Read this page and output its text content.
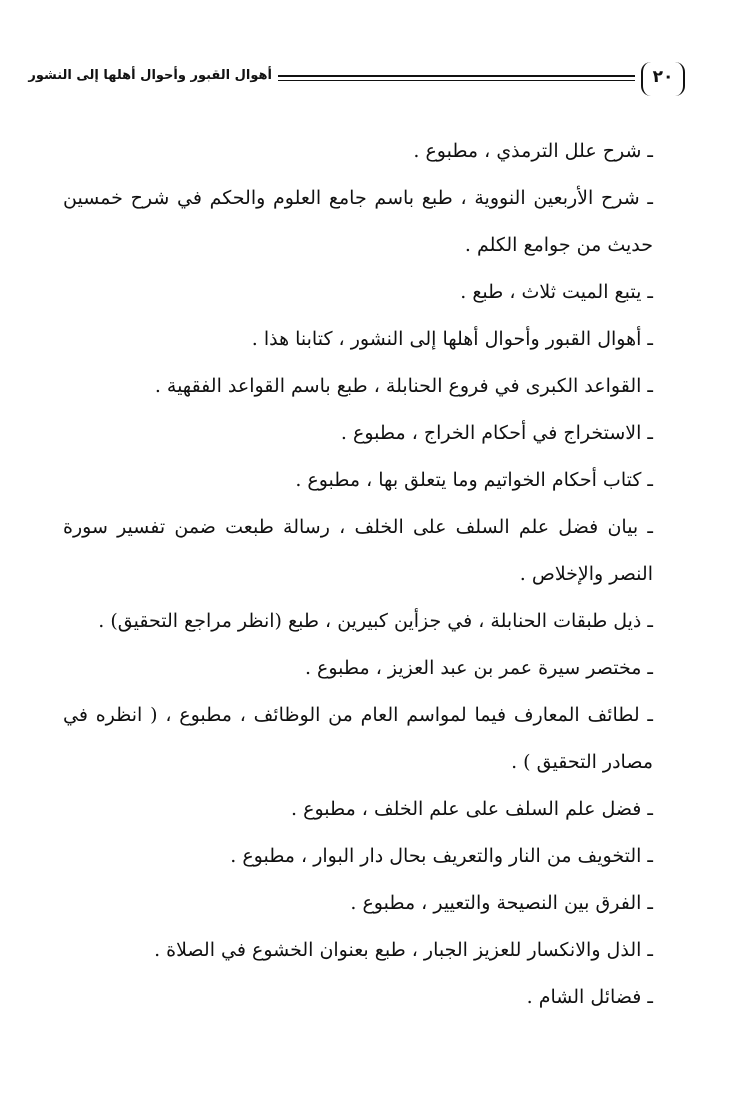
٢٠
أهوال القبور وأحوال أهلها إلى النشور
ـ شرح علل الترمذي ، مطبوع .
ـ شرح الأربعين النووية ، طبع باسم جامع العلوم والحكم في شرح خمسين حديث من جوامع الكلم .
ـ يتبع الميت ثلاث ، طبع .
ـ أهوال القبور وأحوال أهلها إلى النشور ، كتابنا هذا .
ـ القواعد الكبرى في فروع الحنابلة ، طبع باسم القواعد الفقهية .
ـ الاستخراج في أحكام الخراج ، مطبوع .
ـ كتاب أحكام الخواتيم وما يتعلق بها ، مطبوع .
ـ بيان فضل علم السلف على الخلف ، رسالة طبعت ضمن تفسير سورة النصر والإخلاص .
ـ ذيل طبقات الحنابلة ، في جزأين كبيرين ، طبع (انظر مراجع التحقيق) .
ـ مختصر سيرة عمر بن عبد العزيز ، مطبوع .
ـ لطائف المعارف فيما لمواسم العام من الوظائف ، مطبوع ، ( انظره في مصادر التحقيق ) .
ـ فضل علم السلف على علم الخلف ، مطبوع .
ـ التخويف من النار والتعريف بحال دار البوار ، مطبوع .
ـ الفرق بين النصيحة والتعيير ، مطبوع .
ـ الذل والانكسار للعزيز الجبار ، طبع بعنوان الخشوع في الصلاة .
ـ فضائل الشام .
